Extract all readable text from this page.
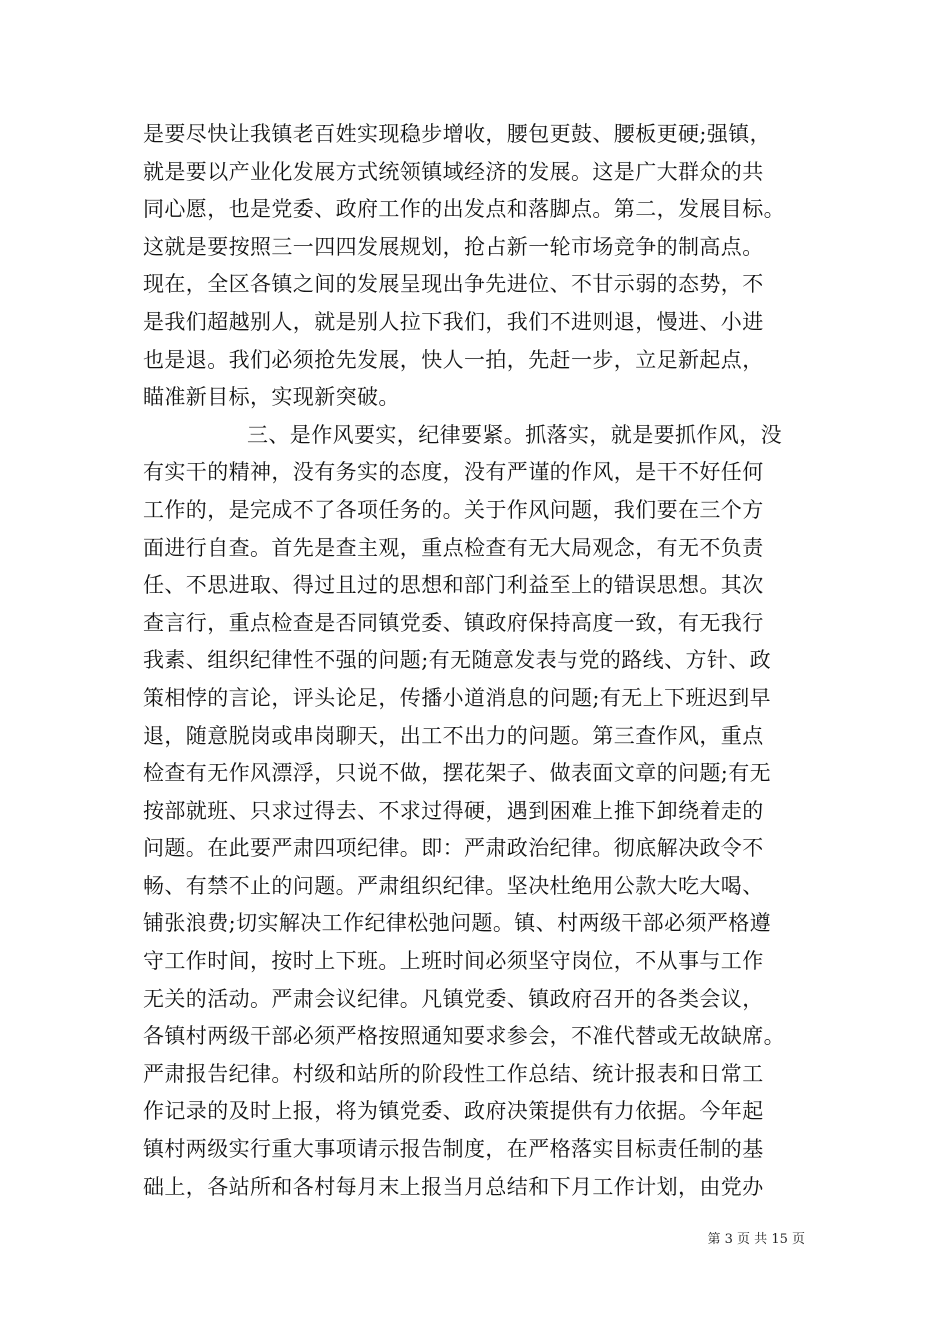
是要尽快让我镇老百姓实现稳步增收，腰包更鼓、腰板更硬;强镇，
就是要以产业化发展方式统领镇域经济的发展。这是广大群众的共
同心愿，也是党委、政府工作的出发点和落脚点。第二，发展目标。
这就是要按照三一四四发展规划，抢占新一轮市场竞争的制高点。
现在，全区各镇之间的发展呈现出争先进位、不甘示弱的态势，不
是我们超越别人，就是别人拉下我们，我们不进则退，慢进、小进
也是退。我们必须抢先发展，快人一拍，先赶一步，立足新起点，
瞄准新目标，实现新突破。
三、是作风要实，纪律要紧。抓落实，就是要抓作风，没
有实干的精神，没有务实的态度，没有严谨的作风，是干不好任何
工作的，是完成不了各项任务的。关于作风问题，我们要在三个方
面进行自查。首先是查主观，重点检查有无大局观念，有无不负责
任、不思进取、得过且过的思想和部门利益至上的错误思想。其次
查言行，重点检查是否同镇党委、镇政府保持高度一致，有无我行
我素、组织纪律性不强的问题;有无随意发表与党的路线、方针、政
策相悖的言论，评头论足，传播小道消息的问题;有无上下班迟到早
退，随意脱岗或串岗聊天，出工不出力的问题。第三查作风，重点
检查有无作风漂浮，只说不做，摆花架子、做表面文章的问题;有无
按部就班、只求过得去、不求过得硬，遇到困难上推下卸绕着走的
问题。在此要严肃四项纪律。即：严肃政治纪律。彻底解决政令不
畅、有禁不止的问题。严肃组织纪律。坚决杜绝用公款大吃大喝、
铺张浪费;切实解决工作纪律松弛问题。镇、村两级干部必须严格遵
守工作时间，按时上下班。上班时间必须坚守岗位，不从事与工作
无关的活动。严肃会议纪律。凡镇党委、镇政府召开的各类会议，
各镇村两级干部必须严格按照通知要求参会，不准代替或无故缺席。
严肃报告纪律。村级和站所的阶段性工作总结、统计报表和日常工
作记录的及时上报，将为镇党委、政府决策提供有力依据。今年起
镇村两级实行重大事项请示报告制度，在严格落实目标责任制的基
础上，各站所和各村每月末上报当月总结和下月工作计划，由党办
第 3 页 共 15 页
